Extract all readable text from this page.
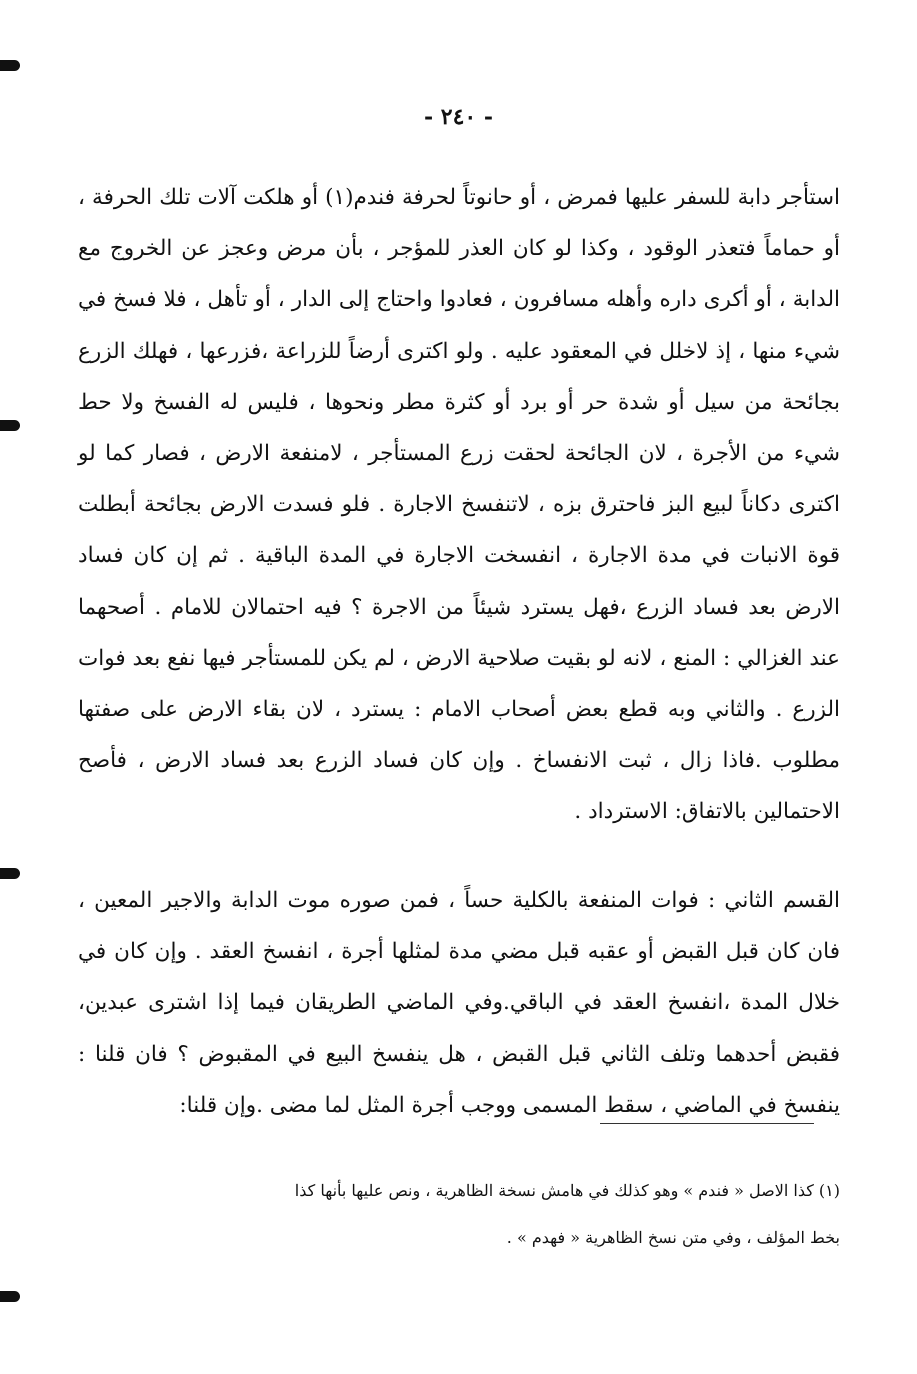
- ٢٤٠ -

استأجر دابة للسفر عليها فمرض ، أو حانوتاً لحرفة فندم(١) أو هلكت آلات تلك الحرفة ، أو حماماً فتعذر الوقود ، وكذا لو كان العذر للمؤجر ، بأن مرض وعجز عن الخروج مع الدابة ، أو أكرى داره وأهله مسافرون ، فعادوا واحتاج إلى الدار ، أو تأهل ، فلا فسخ في شيء منها ، إذ لاخلل في المعقود عليه . ولو اكترى أرضاً للزراعة ،فزرعها ، فهلك الزرع بجائحة من سيل أو شدة حر أو برد أو كثرة مطر ونحوها ، فليس له الفسخ ولا حط شيء من الأجرة ، لان الجائحة لحقت زرع المستأجر ، لامنفعة الارض ، فصار كما لو اكترى دكاناً لبيع البز فاحترق بزه ، لاتنفسخ الاجارة . فلو فسدت الارض بجائحة أبطلت قوة الانبات في مدة الاجارة ، انفسخت الاجارة في المدة الباقية . ثم إن كان فساد الارض بعد فساد الزرع ،فهل يسترد شيئاً من الاجرة ؟ فيه احتمالان للامام . أصحهما عند الغزالي : المنع ، لانه لو بقيت صلاحية الارض ، لم يكن للمستأجر فيها نفع بعد فوات الزرع . والثاني وبه قطع بعض أصحاب الامام : يسترد ، لان بقاء الارض على صفتها مطلوب .فاذا زال ، ثبت الانفساخ . وإن كان فساد الزرع بعد فساد الارض ، فأصح الاحتمالين بالاتفاق: الاسترداد .

القسم الثاني : فوات المنفعة بالكلية حساً ، فمن صوره موت الدابة والاجير المعين ، فان كان قبل القبض أو عقبه قبل مضي مدة لمثلها أجرة ، انفسخ العقد . وإن كان في خلال المدة ،انفسخ العقد في الباقي.وفي الماضي الطريقان فيما إذا اشترى عبدين، فقبض أحدهما وتلف الثاني قبل القبض ، هل ينفسخ البيع في المقبوض ؟ فان قلنا : ينفسخ في الماضي ، سقط المسمى ووجب أجرة المثل لما مضى .وإن قلنا:

(١) كذا الاصل « فندم » وهو كذلك في هامش نسخة الظاهرية ، ونص عليها بأنها كذا

بخط المؤلف ، وفي متن نسخ الظاهرية « فهدم » .
